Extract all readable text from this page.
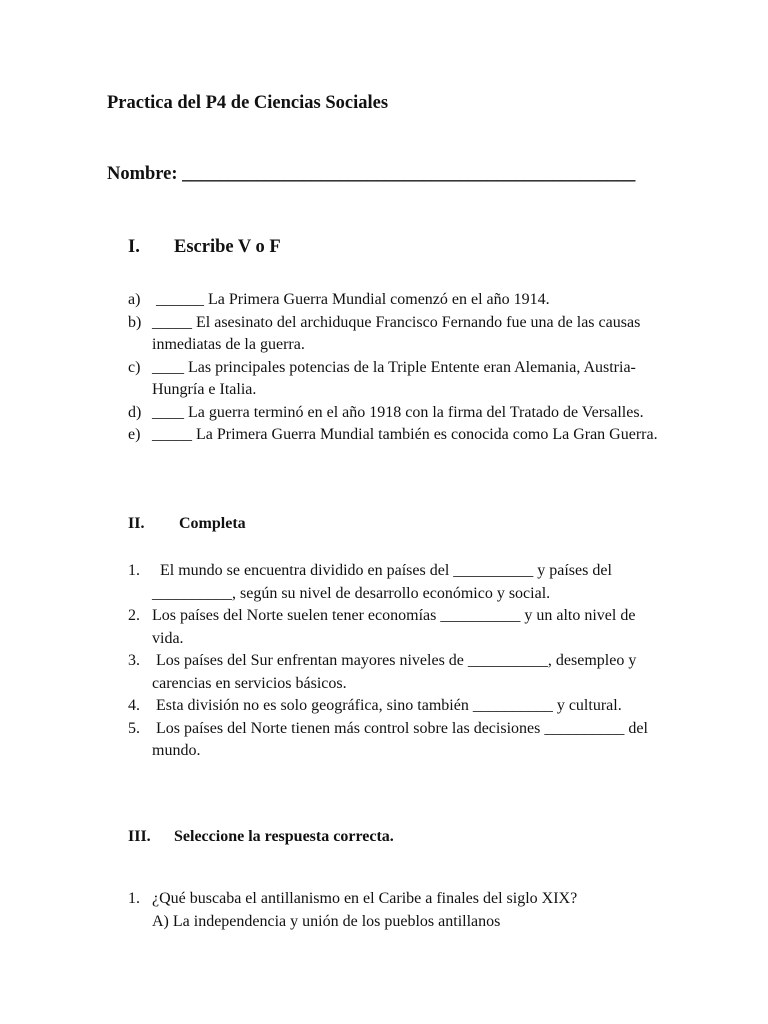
Practica del P4 de Ciencias Sociales
Nombre: _________________________________________________
I. Escribe V o F
a) ______ La Primera Guerra Mundial comenzó en el año 1914.
b) _____ El asesinato del archiduque Francisco Fernando fue una de las causas inmediatas de la guerra.
c) ____ Las principales potencias de la Triple Entente eran Alemania, Austria-Hungría e Italia.
d) ____ La guerra terminó en el año 1918 con la firma del Tratado de Versalles.
e) _____ La Primera Guerra Mundial también es conocida como La Gran Guerra.
II. Completa
1. El mundo se encuentra dividido en países del __________ y países del __________, según su nivel de desarrollo económico y social.
2. Los países del Norte suelen tener economías __________ y un alto nivel de vida.
3. Los países del Sur enfrentan mayores niveles de __________, desempleo y carencias en servicios básicos.
4. Esta división no es solo geográfica, sino también __________ y cultural.
5. Los países del Norte tienen más control sobre las decisiones __________ del mundo.
III. Seleccione la respuesta correcta.
1. ¿Qué buscaba el antillanismo en el Caribe a finales del siglo XIX?
A) La independencia y unión de los pueblos antillanos
